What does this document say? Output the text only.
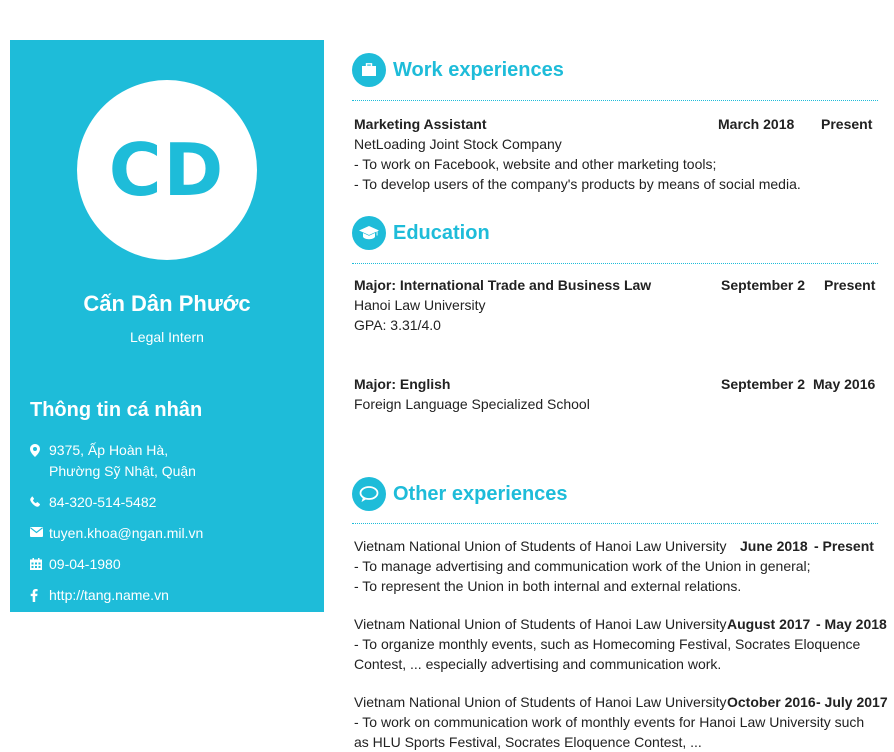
CD
Cấn Dân Phước
Legal Intern
Thông tin cá nhân
9375, Ấp Hoàn Hà,
Phường Sỹ Nhật, Quận
84-320-514-5482
tuyen.khoa@ngan.mil.vn
09-04-1980
http://tang.name.vn
Work experiences
Marketing Assistant	March 2018 Present
NetLoading Joint Stock Company
- To work on Facebook, website and other marketing tools;
- To develop users of the company's products by means of social media.
Education
Major: International Trade and Business Law	September 2 Present
Hanoi Law University
GPA: 3.31/4.0
Major: English	September 2 May 2016
Foreign Language Specialized School
Other experiences
Vietnam National Union of Students of Hanoi Law University June 2018 - Present
- To manage advertising and communication work of the Union in general;
- To represent the Union in both internal and external relations.
Vietnam National Union of Students of Hanoi Law University August 2017 - May 2018
- To organize monthly events, such as Homecoming Festival, Socrates Eloquence Contest, ... especially advertising and communication work.
Vietnam National Union of Students of Hanoi Law University October 2016 - July 2017
- To work on communication work of monthly events for Hanoi Law University such as HLU Sports Festival, Socrates Eloquence Contest, ...
